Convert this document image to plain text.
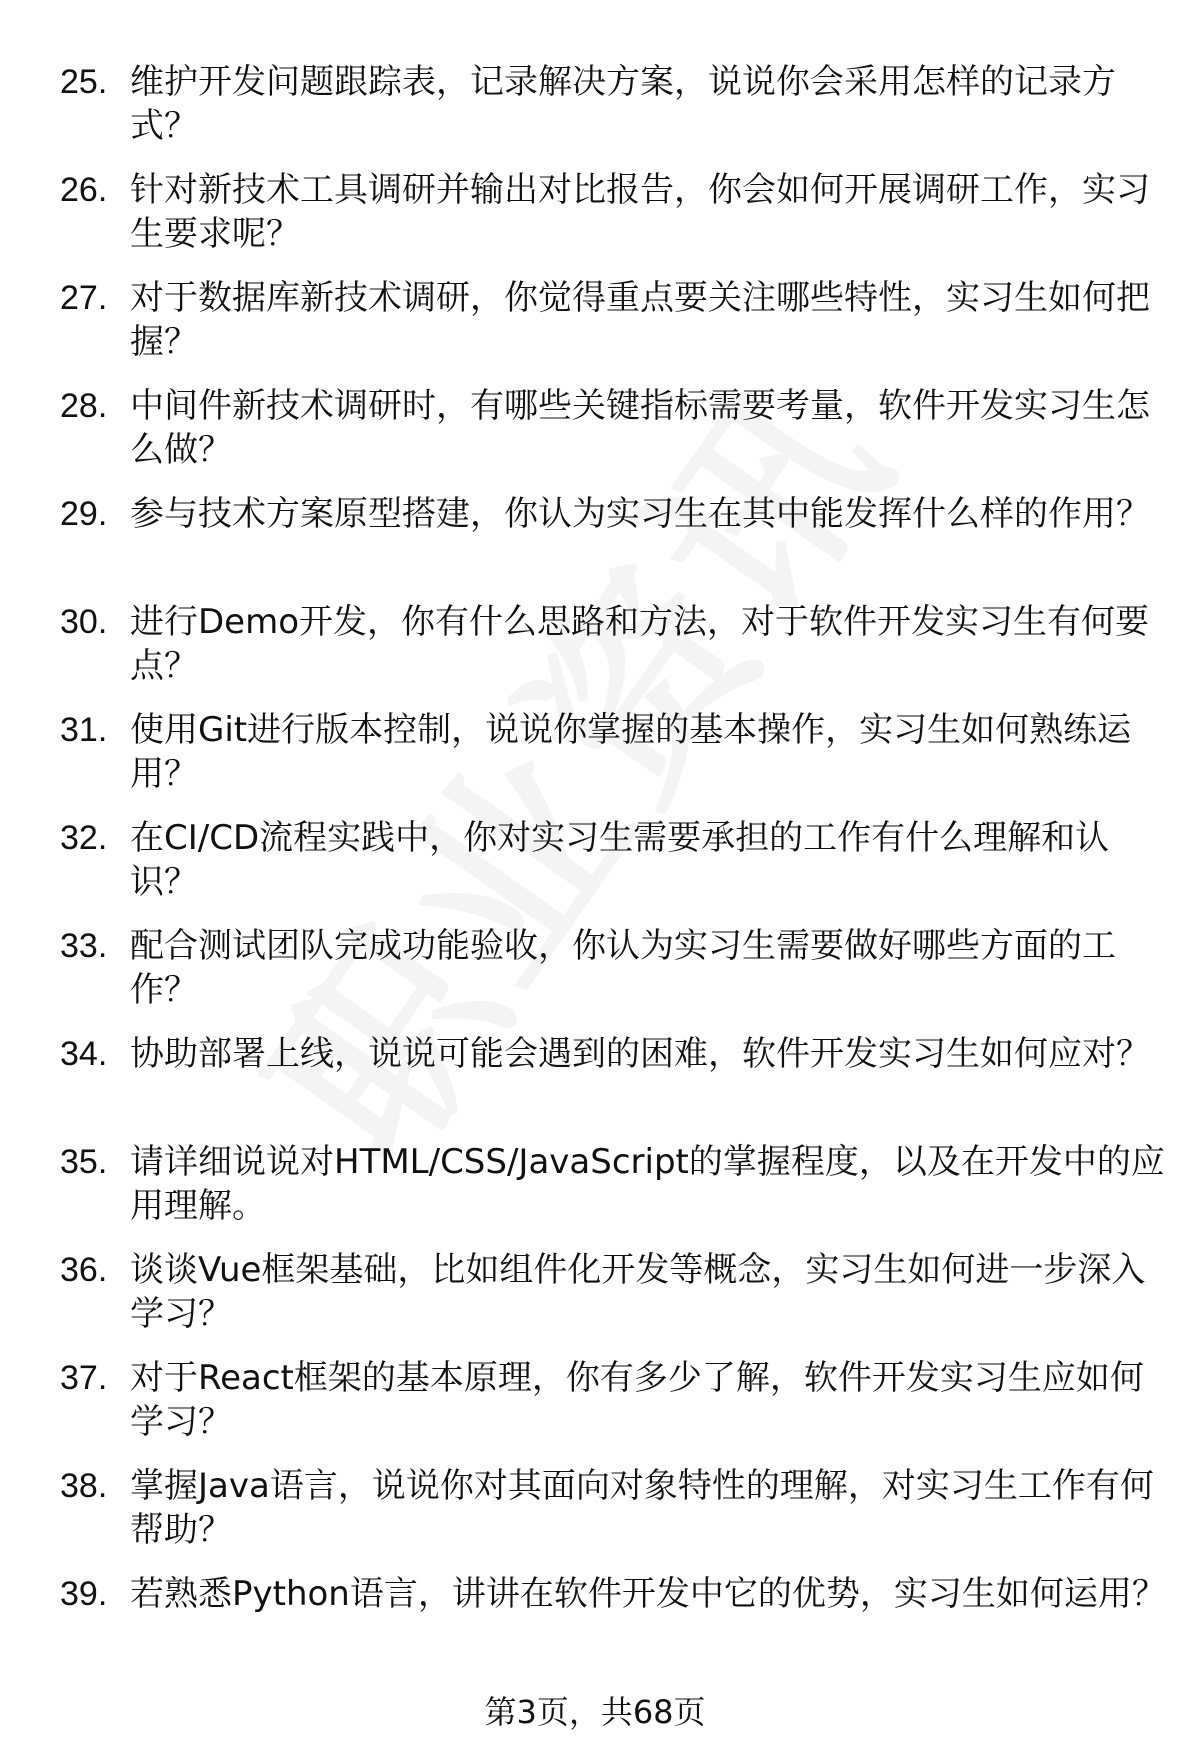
25. 维护开发问题跟踪表，记录解决方案，说说你会采用怎样的记录方式？
26. 针对新技术工具调研并输出对比报告，你会如何开展调研工作，实习生要求呢？
27. 对于数据库新技术调研，你觉得重点要关注哪些特性，实习生如何把握？
28. 中间件新技术调研时，有哪些关键指标需要考量，软件开发实习生怎么做？
29. 参与技术方案原型搭建，你认为实习生在其中能发挥什么样的作用？
30. 进行Demo开发，你有什么思路和方法，对于软件开发实习生有何要点？
31. 使用Git进行版本控制，说说你掌握的基本操作，实习生如何熟练运用？
32. 在CI/CD流程实践中，你对实习生需要承担的工作有什么理解和认识？
33. 配合测试团队完成功能验收，你认为实习生需要做好哪些方面的工作？
34. 协助部署上线，说说可能会遇到的困难，软件开发实习生如何应对？
35. 请详细说说对HTML/CSS/JavaScript的掌握程度，以及在开发中的应用理解。
36. 谈谈Vue框架基础，比如组件化开发等概念，实习生如何进一步深入学习？
37. 对于React框架的基本原理，你有多少了解，软件开发实习生应如何学习？
38. 掌握Java语言，说说你对其面向对象特性的理解，对实习生工作有何帮助？
39. 若熟悉Python语言，讲讲在软件开发中它的优势，实习生如何运用？
第3页，共68页
